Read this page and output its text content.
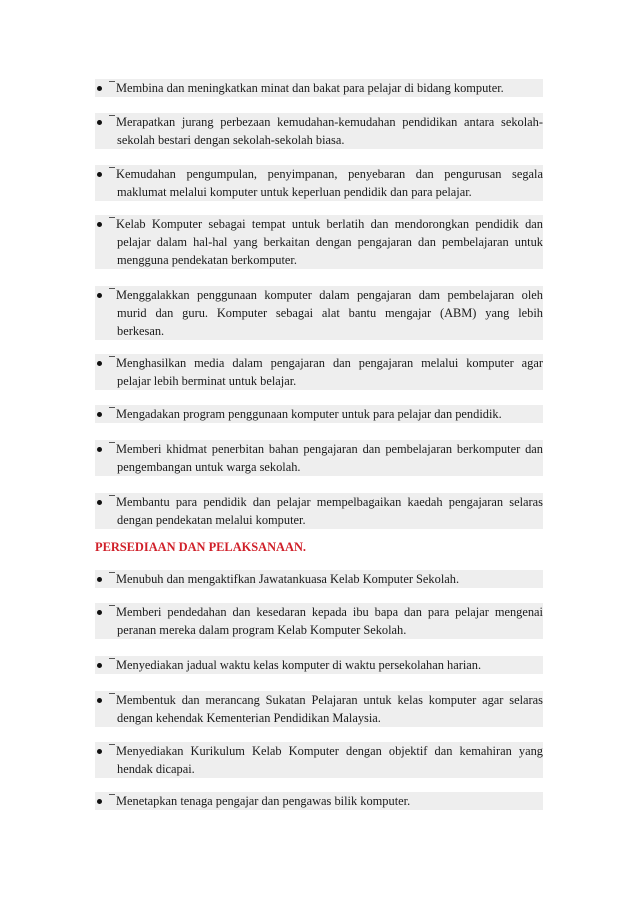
Membina dan meningkatkan minat dan bakat para pelajar di bidang komputer.
Merapatkan jurang perbezaan kemudahan-kemudahan pendidikan antara sekolah-
sekolah bestari dengan sekolah-sekolah biasa.
Kemudahan pengumpulan, penyimpanan, penyebaran dan pengurusan segala
maklumat melalui komputer untuk keperluan pendidik dan para pelajar.
Kelab Komputer sebagai tempat untuk berlatih dan mendorongkan pendidik dan
pelajar dalam hal-hal yang berkaitan dengan pengajaran dan pembelajaran untuk
mengguna pendekatan berkomputer.
Menggalakkan penggunaan komputer dalam pengajaran dam pembelajaran oleh
murid dan guru. Komputer sebagai alat bantu mengajar (ABM) yang lebih
berkesan.
Menghasilkan media dalam pengajaran dan pengajaran melalui komputer agar
pelajar lebih berminat untuk belajar.
Mengadakan program penggunaan komputer untuk para pelajar dan pendidik.
Memberi khidmat penerbitan bahan pengajaran dan pembelajaran berkomputer dan
pengembangan untuk warga sekolah.
Membantu para pendidik dan pelajar mempelbagaikan kaedah pengajaran selaras
dengan pendekatan melalui komputer.
PERSEDIAAN DAN PELAKSANAAN.
Menubuh dan mengaktifkan Jawatankuasa Kelab Komputer Sekolah.
Memberi pendedahan dan kesedaran kepada ibu bapa dan para pelajar mengenai
peranan mereka dalam program Kelab Komputer Sekolah.
Menyediakan jadual waktu kelas komputer di waktu persekolahan harian.
Membentuk dan merancang Sukatan Pelajaran untuk kelas komputer agar selaras
dengan kehendak Kementerian Pendidikan Malaysia.
Menyediakan Kurikulum Kelab Komputer dengan objektif dan kemahiran yang
hendak dicapai.
Menetapkan tenaga pengajar dan pengawas bilik komputer.
